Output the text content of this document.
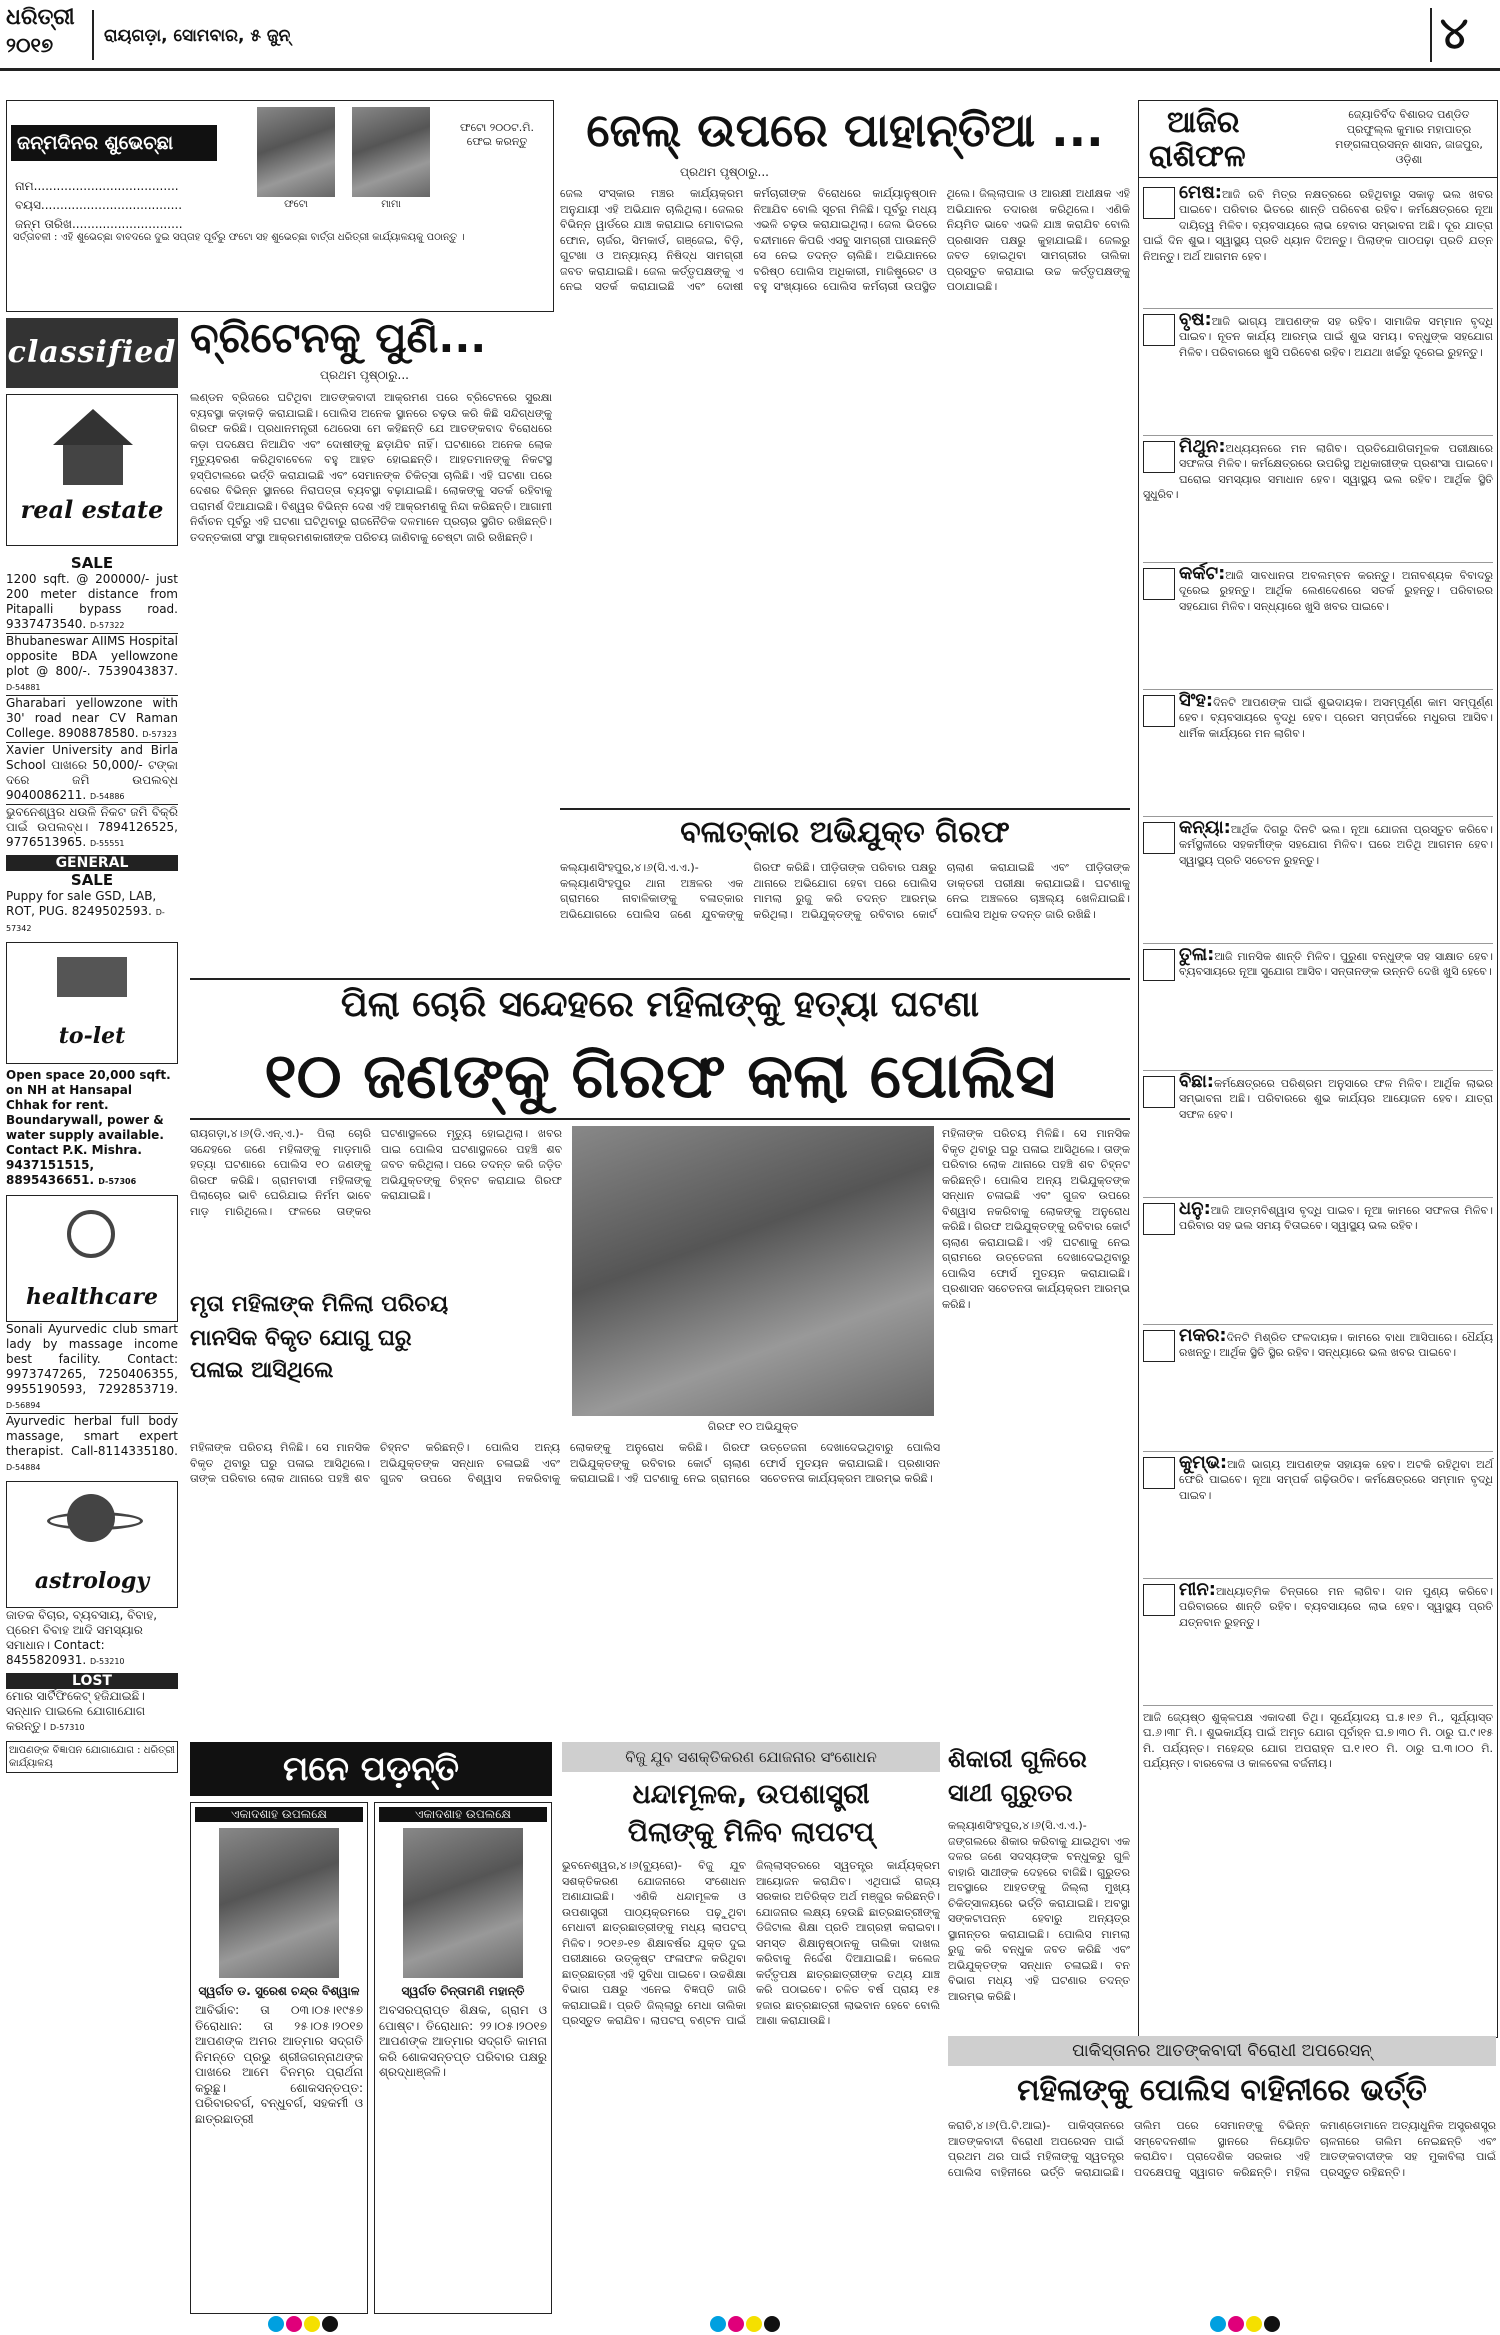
ଧରିତ୍ରୀ
୨୦୧୭	ରାୟଗଡ଼ା, ସୋମବାର, ୫ ଜୁନ୍	୪
ଜନ୍ମଦିନର ଶୁଭେଚ୍ଛା
ନାମ......................................
ବୟସ.....................................
ଜନ୍ମ ତାରିଖ.............................
ଫଟୋ	ମାମା
ଫଟୋ ୨୦୦ଟ.ମି. ଫେଇ କରନ୍ତୁ
ସର୍ତ୍ତାବଳୀ : ଏହି ଶୁଭେଚ୍ଛା ବାବଦରେ ଦୁଇ ସପ୍ତାହ ପୂର୍ବରୁ ଫଟୋ ସହ ଶୁଭେଚ୍ଛା ବାର୍ତ୍ତା ଧରିତ୍ରୀ କାର୍ଯ୍ୟାଳୟକୁ ପଠାନ୍ତୁ ।
classified
real estate
SALE
1200 sqft. @ 200000/- just 200 meter distance from Pitapalli bypass road. 9337473540. D-57322
Bhubaneswar AIIMS Hospital opposite BDA yellowzone plot @ 800/-. 7539043837. D-54881
Gharabari yellowzone with 30' road near CV Raman College. 8908878580. D-57323
Xavier University and Birla School ପାଖରେ 50,000/- ଟଙ୍କା ଦରେ ଜମି ଉପଲବ୍ଧ 9040086211. D-54886
ଭୁବନେଶ୍ୱର ଧଉଳି ନିକଟ ଜମି ବିକ୍ରି ପାଇଁ ଉପଲବ୍ଧ। 7894126525, 9776513965. D-55551
GENERAL
SALE
Puppy for sale GSD, LAB, ROT, PUG. 8249502593. D-57342
to-let
Open space 20,000 sqft. on NH at Hansapal Chhak for rent. Boundarywall, power & water supply available. Contact P.K. Mishra. 9437151515, 8895436651. D-57306
healthcare
Sonali Ayurvedic club smart lady by massage income best facility. Contact: 9973747265, 7250406355, 9955190593, 7292853719. D-56894
Ayurvedic herbal full body massage, smart expert therapist. Call-8114335180. D-54884
astrology
ଜାତକ ବିଚାର, ବ୍ୟବସାୟ, ବିବାହ, ପ୍ରେମ ବିବାହ ଆଦି ସମସ୍ୟାର ସମାଧାନ। Contact: 8455820931. D-53210
LOST
ମୋର ସାର୍ଟିଫିକେଟ୍ ହଜିଯାଇଛି। ସନ୍ଧାନ ପାଇଲେ ଯୋଗାଯୋଗ କରନ୍ତୁ। D-57310
ଆପଣଙ୍କ ବିଜ୍ଞାପନ ଯୋଗାଯୋଗ : ଧରିତ୍ରୀ କାର୍ଯ୍ୟାଳୟ
ବ୍ରିଟେନକୁ ପୁଣି...
ପ୍ରଥମ ପୃଷ୍ଠାରୁ...
ଲଣ୍ଡନ ବ୍ରିଜରେ ଘଟିଥିବା ଆତଙ୍କବାଦୀ ଆକ୍ରମଣ ପରେ ବ୍ରିଟେନରେ ସୁରକ୍ଷା ବ୍ୟବସ୍ଥା କଡ଼ାକଡ଼ି କରାଯାଇଛି। ପୋଲିସ ଅନେକ ସ୍ଥାନରେ ଚଢ଼ଉ କରି କିଛି ସନ୍ଦିଗ୍ଧଙ୍କୁ ଗିରଫ କରିଛି। ପ୍ରଧାନମନ୍ତ୍ରୀ ଥେରେସା ମେ କହିଛନ୍ତି ଯେ ଆତଙ୍କବାଦ ବିରୋଧରେ କଡ଼ା ପଦକ୍ଷେପ ନିଆଯିବ ଏବଂ ଦୋଷୀଙ୍କୁ ଛଡ଼ାଯିବ ନାହିଁ। ଘଟଣାରେ ଅନେକ ଲୋକ ମୃତ୍ୟୁବରଣ କରିଥିବାବେଳେ ବହୁ ଆହତ ହୋଇଛନ୍ତି। ଆହତମାନଙ୍କୁ ନିକଟସ୍ଥ ହସ୍ପିଟାଲରେ ଭର୍ତ୍ତି କରାଯାଇଛି ଏବଂ ସେମାନଙ୍କ ଚିକିତ୍ସା ଚାଲିଛି। ଏହି ଘଟଣା ପରେ ଦେଶର ବିଭିନ୍ନ ସ୍ଥାନରେ ନିରାପତ୍ତା ବ୍ୟବସ୍ଥା ବଢ଼ାଯାଇଛି। ଲୋକଙ୍କୁ ସତର୍କ ରହିବାକୁ ପରାମର୍ଶ ଦିଆଯାଇଛି। ବିଶ୍ୱର ବିଭିନ୍ନ ଦେଶ ଏହି ଆକ୍ରମଣକୁ ନିନ୍ଦା କରିଛନ୍ତି। ଆଗାମୀ ନିର୍ବାଚନ ପୂର୍ବରୁ ଏହି ଘଟଣା ଘଟିଥିବାରୁ ରାଜନୈତିକ ଦଳମାନେ ପ୍ରଚାର ସ୍ଥଗିତ ରଖିଛନ୍ତି। ତଦନ୍ତକାରୀ ସଂସ୍ଥା ଆକ୍ରମଣକାରୀଙ୍କ ପରିଚୟ ଜାଣିବାକୁ ଚେଷ୍ଟା ଜାରି ରଖିଛନ୍ତି।
ଜେଲ୍ ଉପରେ ପାହାନ୍ତିଆ ...
ପ୍ରଥମ ପୃଷ୍ଠାରୁ...
ଜେଲ ସଂସ୍କାର ମଞ୍ଚର କାର୍ଯ୍ୟକ୍ରମ ଅନୁଯାୟୀ ଏହି ଅଭିଯାନ ଚାଲିଥିଲା। ଜେଲର ବିଭିନ୍ନ ୱାର୍ଡରେ ଯାଞ୍ଚ କରାଯାଇ ମୋବାଇଲ ଫୋନ, ଚାର୍ଜର, ସିମକାର୍ଡ, ଗଞ୍ଜେଇ, ବିଡ଼ି, ଗୁଟଖା ଓ ଅନ୍ୟାନ୍ୟ ନିଷିଦ୍ଧ ସାମଗ୍ରୀ ଜବତ କରାଯାଇଛି। ଜେଲ କର୍ତ୍ତୃପକ୍ଷଙ୍କୁ ଏ ନେଇ ସତର୍କ କରାଯାଇଛି ଏବଂ ଦୋଷୀ କର୍ମଚାରୀଙ୍କ ବିରୋଧରେ କାର୍ଯ୍ୟାନୁଷ୍ଠାନ ନିଆଯିବ ବୋଲି ସୂଚନା ମିଳିଛି। ପୂର୍ବରୁ ମଧ୍ୟ ଏଭଳି ଚଢ଼ଉ କରାଯାଇଥିଲା। ଜେଲ ଭିତରେ ବନ୍ଦୀମାନେ କିପରି ଏସବୁ ସାମଗ୍ରୀ ପାଉଛନ୍ତି ସେ ନେଇ ତଦନ୍ତ ଚାଲିଛି। ଅଭିଯାନରେ ବରିଷ୍ଠ ପୋଲିସ ଅଧିକାରୀ, ମାଜିଷ୍ଟ୍ରେଟ ଓ ବହୁ ସଂଖ୍ୟାରେ ପୋଲିସ କର୍ମଚାରୀ ଉପସ୍ଥିତ ଥିଲେ। ଜିଲ୍ଲାପାଳ ଓ ଆରକ୍ଷୀ ଅଧୀକ୍ଷକ ଏହି ଅଭିଯାନର ତଦାରଖ କରିଥିଲେ। ଏଣିକି ନିୟମିତ ଭାବେ ଏଭଳି ଯାଞ୍ଚ କରାଯିବ ବୋଲି ପ୍ରଶାସନ ପକ୍ଷରୁ କୁହାଯାଇଛି। ଜେଲରୁ ଜବତ ହୋଇଥିବା ସାମଗ୍ରୀର ତାଲିକା ପ୍ରସ୍ତୁତ କରାଯାଇ ଉଚ୍ଚ କର୍ତ୍ତୃପକ୍ଷଙ୍କୁ ପଠାଯାଇଛି।
ବଳାତ୍କାର ଅଭିଯୁକ୍ତ ଗିରଫ
କଲ୍ୟାଣସିଂହପୁର,୪।୬(ସି.ଏ.ଏ.)- କଲ୍ୟାଣସିଂହପୁର ଥାନା ଅଞ୍ଚଳର ଏକ ଗ୍ରାମରେ ନାବାଳିକାଙ୍କୁ ବଳାତ୍କାର ଅଭିଯୋଗରେ ପୋଲିସ ଜଣେ ଯୁବକଙ୍କୁ ଗିରଫ କରିଛି। ପୀଡ଼ିତାଙ୍କ ପରିବାର ପକ୍ଷରୁ ଥାନାରେ ଅଭିଯୋଗ ହେବା ପରେ ପୋଲିସ ମାମଲା ରୁଜୁ କରି ତଦନ୍ତ ଆରମ୍ଭ କରିଥିଲା। ଅଭିଯୁକ୍ତଙ୍କୁ ରବିବାର କୋର୍ଟ ଚାଲାଣ କରାଯାଇଛି ଏବଂ ପୀଡ଼ିତାଙ୍କ ଡାକ୍ତରୀ ପରୀକ୍ଷା କରାଯାଇଛି। ଘଟଣାକୁ ନେଇ ଅଞ୍ଚଳରେ ଚାଞ୍ଚଲ୍ୟ ଖେଳିଯାଇଛି। ପୋଲିସ ଅଧିକ ତଦନ୍ତ ଜାରି ରଖିଛି।
ପିଲା ଚୋରି ସନ୍ଦେହରେ ମହିଳାଙ୍କୁ ହତ୍ୟା ଘଟଣା
୧୦ ଜଣଙ୍କୁ ଗିରଫ କଲା ପୋଲିସ
ରାୟଗଡ଼ା,୪।୬(ଡି.ଏନ୍.ଏ.)- ପିଲା ଚୋରି ସନ୍ଦେହରେ ଜଣେ ମହିଳାଙ୍କୁ ମାଡ଼ମାରି ହତ୍ୟା ଘଟଣାରେ ପୋଲିସ ୧୦ ଜଣଙ୍କୁ ଗିରଫ କରିଛି। ଗ୍ରାମବାସୀ ମହିଳାଙ୍କୁ ପିଲାଚୋର ଭାବି ଘେରିଯାଇ ନିର୍ମମ ଭାବେ ମାଡ଼ ମାରିଥିଲେ। ଫଳରେ ତାଙ୍କର ଘଟଣାସ୍ଥଳରେ ମୃତ୍ୟୁ ହୋଇଥିଲା। ଖବର ପାଇ ପୋଲିସ ଘଟଣାସ୍ଥଳରେ ପହଞ୍ଚି ଶବ ଜବତ କରିଥିଲା। ପରେ ତଦନ୍ତ କରି ଜଡ଼ିତ ଅଭିଯୁକ୍ତଙ୍କୁ ଚିହ୍ନଟ କରାଯାଇ ଗିରଫ କରାଯାଇଛି।
ଗିରଫ ୧୦ ଅଭିଯୁକ୍ତ
ମହିଳାଙ୍କ ପରିଚୟ ମିଳିଛି। ସେ ମାନସିକ ବିକୃତ ଥିବାରୁ ଘରୁ ପଳାଇ ଆସିଥିଲେ। ତାଙ୍କ ପରିବାର ଲୋକ ଥାନାରେ ପହଞ୍ଚି ଶବ ଚିହ୍ନଟ କରିଛନ୍ତି। ପୋଲିସ ଅନ୍ୟ ଅଭିଯୁକ୍ତଙ୍କ ସନ୍ଧାନ ଚଳାଇଛି ଏବଂ ଗୁଜବ ଉପରେ ବିଶ୍ୱାସ ନକରିବାକୁ ଲୋକଙ୍କୁ ଅନୁରୋଧ କରିଛି। ଗିରଫ ଅଭିଯୁକ୍ତଙ୍କୁ ରବିବାର କୋର୍ଟ ଚାଲାଣ କରାଯାଇଛି। ଏହି ଘଟଣାକୁ ନେଇ ଗ୍ରାମରେ ଉତ୍ତେଜନା ଦେଖାଦେଇଥିବାରୁ ପୋଲିସ ଫୋର୍ସ ମୁତୟନ କରାଯାଇଛି। ପ୍ରଶାସନ ସଚେତନତା କାର୍ଯ୍ୟକ୍ରମ ଆରମ୍ଭ କରିଛି।
ମୃତା ମହିଳାଙ୍କ ମିଳିଲା ପରିଚୟ
ମାନସିକ ବିକୃତ ଯୋଗୁ ଘରୁ
ପଳାଇ ଆସିଥିଲେ
ମହିଳାଙ୍କ ପରିଚୟ ମିଳିଛି। ସେ ମାନସିକ ବିକୃତ ଥିବାରୁ ଘରୁ ପଳାଇ ଆସିଥିଲେ। ତାଙ୍କ ପରିବାର ଲୋକ ଥାନାରେ ପହଞ୍ଚି ଶବ ଚିହ୍ନଟ କରିଛନ୍ତି। ପୋଲିସ ଅନ୍ୟ ଅଭିଯୁକ୍ତଙ୍କ ସନ୍ଧାନ ଚଳାଇଛି ଏବଂ ଗୁଜବ ଉପରେ ବିଶ୍ୱାସ ନକରିବାକୁ ଲୋକଙ୍କୁ ଅନୁରୋଧ କରିଛି। ଗିରଫ ଅଭିଯୁକ୍ତଙ୍କୁ ରବିବାର କୋର୍ଟ ଚାଲାଣ କରାଯାଇଛି। ଏହି ଘଟଣାକୁ ନେଇ ଗ୍ରାମରେ ଉତ୍ତେଜନା ଦେଖାଦେଇଥିବାରୁ ପୋଲିସ ଫୋର୍ସ ମୁତୟନ କରାଯାଇଛି। ପ୍ରଶାସନ ସଚେତନତା କାର୍ଯ୍ୟକ୍ରମ ଆରମ୍ଭ କରିଛି।
ମନେ ପଡ଼ନ୍ତି
ଏକାଦଶାହ ଉପଲକ୍ଷେ
ସ୍ୱର୍ଗତ ଡ. ସୁରେଶ ଚନ୍ଦ୍ର ବିଶ୍ୱାଳ
ଆବିର୍ଭାବ: ତା ୦୩।୦୫।୧୯୫୭ ତିରୋଧାନ: ତା ୨୫।୦୫।୨୦୧୭ ଆପଣଙ୍କ ଅମର ଆତ୍ମାର ସଦ୍ଗତି ନିମନ୍ତେ ପ୍ରଭୁ ଶ୍ରୀଜଗନ୍ନାଥଙ୍କ ପାଖରେ ଆମେ ବିନମ୍ର ପ୍ରାର୍ଥନା କରୁଛୁ। ଶୋକସନ୍ତପ୍ତ: ପରିବାରବର୍ଗ, ବନ୍ଧୁବର୍ଗ, ସହକର୍ମୀ ଓ ଛାତ୍ରଛାତ୍ରୀ
ଏକାଦଶାହ ଉପଲକ୍ଷେ
ସ୍ୱର୍ଗତ ଚିନ୍ତାମଣି ମହାନ୍ତି
ଅବସରପ୍ରାପ୍ତ ଶିକ୍ଷକ, ଗ୍ରାମ ଓ ପୋଷ୍ଟ। ତିରୋଧାନ: ୨୨।୦୫।୨୦୧୭ ଆପଣଙ୍କ ଆତ୍ମାର ସଦ୍ଗତି କାମନା କରି ଶୋକସନ୍ତପ୍ତ ପରିବାର ପକ୍ଷରୁ ଶ୍ରଦ୍ଧାଞ୍ଜଳି।
ବିଜୁ ଯୁବ ସଶକ୍ତିକରଣ ଯୋଜନାର ସଂଶୋଧନ
ଧନ୍ଦାମୂଳକ, ଉପଶାସ୍ତ୍ରୀ
ପିଲାଙ୍କୁ ମିଳିବ ଲାପଟପ୍
ଭୁବନେଶ୍ୱର,୪।୬(ବ୍ୟୁରୋ)- ବିଜୁ ଯୁବ ସଶକ୍ତିକରଣ ଯୋଜନାରେ ସଂଶୋଧନ ଅଣାଯାଇଛି। ଏଣିକି ଧନ୍ଦାମୂଳକ ଓ ଉପଶାସ୍ତ୍ରୀ ପାଠ୍ୟକ୍ରମରେ ପଢ଼ୁଥିବା ମେଧାବୀ ଛାତ୍ରଛାତ୍ରୀଙ୍କୁ ମଧ୍ୟ ଲାପଟପ୍ ମିଳିବ। ୨୦୧୬-୧୭ ଶିକ୍ଷାବର୍ଷର ଯୁକ୍ତ ଦୁଇ ପରୀକ୍ଷାରେ ଉତ୍କୃଷ୍ଟ ଫଳାଫଳ କରିଥିବା ଛାତ୍ରଛାତ୍ରୀ ଏହି ସୁବିଧା ପାଇବେ। ଉଚ୍ଚଶିକ୍ଷା ବିଭାଗ ପକ୍ଷରୁ ଏନେଇ ବିଜ୍ଞପ୍ତି ଜାରି କରାଯାଇଛି। ପ୍ରତି ଜିଲ୍ଲାରୁ ମେଧା ତାଲିକା ପ୍ରସ୍ତୁତ କରାଯିବ। ଲାପଟପ୍ ବଣ୍ଟନ ପାଇଁ ଜିଲ୍ଲାସ୍ତରରେ ସ୍ୱତନ୍ତ୍ର କାର୍ଯ୍ୟକ୍ରମ ଆୟୋଜନ କରାଯିବ। ଏଥିପାଇଁ ରାଜ୍ୟ ସରକାର ଅତିରିକ୍ତ ଅର୍ଥ ମଞ୍ଜୁର କରିଛନ୍ତି। ଯୋଜନାର ଲକ୍ଷ୍ୟ ହେଉଛି ଛାତ୍ରଛାତ୍ରୀଙ୍କୁ ଡିଜିଟାଲ ଶିକ୍ଷା ପ୍ରତି ଆଗ୍ରହୀ କରାଇବା। ସମସ୍ତ ଶିକ୍ଷାନୁଷ୍ଠାନକୁ ତାଲିକା ଦାଖଲ କରିବାକୁ ନିର୍ଦ୍ଦେଶ ଦିଆଯାଇଛି। କଲେଜ କର୍ତ୍ତୃପକ୍ଷ ଛାତ୍ରଛାତ୍ରୀଙ୍କ ତଥ୍ୟ ଯାଞ୍ଚ କରି ପଠାଇବେ। ଚଳିତ ବର୍ଷ ପ୍ରାୟ ୧୫ ହଜାର ଛାତ୍ରଛାତ୍ରୀ ଲାଭବାନ ହେବେ ବୋଲି ଆଶା କରାଯାଉଛି।
ଶିକାରୀ ଗୁଳିରେ
ସାଥୀ ଗୁରୁତର
କଲ୍ୟାଣସିଂହପୁର,୪।୬(ସି.ଏ.ଏ.)- ଜଙ୍ଗଲରେ ଶିକାର କରିବାକୁ ଯାଇଥିବା ଏକ ଦଳର ଜଣେ ସଦସ୍ୟଙ୍କ ବନ୍ଧୁକରୁ ଗୁଳି ବାହାରି ସାଥୀଙ୍କ ଦେହରେ ବାଜିଛି। ଗୁରୁତର ଅବସ୍ଥାରେ ଆହତଙ୍କୁ ଜିଲ୍ଲା ମୁଖ୍ୟ ଚିକିତ୍ସାଳୟରେ ଭର୍ତ୍ତି କରାଯାଇଛି। ଅବସ୍ଥା ସଙ୍କଟାପନ୍ନ ହେବାରୁ ଅନ୍ୟତ୍ର ସ୍ଥାନାନ୍ତର କରାଯାଇଛି। ପୋଲିସ ମାମଲା ରୁଜୁ କରି ବନ୍ଧୁକ ଜବତ କରିଛି ଏବଂ ଅଭିଯୁକ୍ତଙ୍କ ସନ୍ଧାନ ଚଳାଇଛି। ବନ ବିଭାଗ ମଧ୍ୟ ଏହି ଘଟଣାର ତଦନ୍ତ ଆରମ୍ଭ କରିଛି।
ଆଜିର
ରାଶିଫଳ
ଜ୍ୟୋତିର୍ବିଦ ବିଶାରଦ ପଣ୍ଡିତ ପ୍ରଫୁଲ୍ଲ କୁମାର ମହାପାତ୍ର ମଙ୍ଗଳାପ୍ରସନ୍ନ ଶାସନ, ଜାଜପୁର, ଓଡ଼ିଶା
ମେଷ:ଆଜି ରବି ମିତ୍ର ନକ୍ଷତ୍ରରେ ରହିଥିବାରୁ ସକାଳୁ ଭଲ ଖବର ପାଇବେ। ପରିବାର ଭିତରେ ଶାନ୍ତି ପରିବେଶ ରହିବ। କର୍ମକ୍ଷେତ୍ରରେ ନୂଆ ଦାୟିତ୍ୱ ମିଳିବ। ବ୍ୟବସାୟରେ ଲାଭ ହେବାର ସମ୍ଭାବନା ଅଛି। ଦୂର ଯାତ୍ରା ପାଇଁ ଦିନ ଶୁଭ। ସ୍ୱାସ୍ଥ୍ୟ ପ୍ରତି ଧ୍ୟାନ ଦିଅନ୍ତୁ। ପିଲାଙ୍କ ପାଠପଢ଼ା ପ୍ରତି ଯତ୍ନ ନିଅନ୍ତୁ। ଅର୍ଥ ଆଗମନ ହେବ।
ବୃଷ:ଆଜି ଭାଗ୍ୟ ଆପଣଙ୍କ ସହ ରହିବ। ସାମାଜିକ ସମ୍ମାନ ବୃଦ୍ଧି ପାଇବ। ନୂତନ କାର୍ଯ୍ୟ ଆରମ୍ଭ ପାଇଁ ଶୁଭ ସମୟ। ବନ୍ଧୁଙ୍କ ସହଯୋଗ ମିଳିବ। ପରିବାରରେ ଖୁସି ପରିବେଶ ରହିବ। ଅଯଥା ଖର୍ଚ୍ଚରୁ ଦୂରେଇ ରୁହନ୍ତୁ।
ମିଥୁନ:ଅଧ୍ୟୟନରେ ମନ ଲାଗିବ। ପ୍ରତିଯୋଗିତାମୂଳକ ପରୀକ୍ଷାରେ ସଫଳତା ମିଳିବ। କର୍ମକ୍ଷେତ୍ରରେ ଉପରିସ୍ଥ ଅଧିକାରୀଙ୍କ ପ୍ରଶଂସା ପାଇବେ। ଘରୋଇ ସମସ୍ୟାର ସମାଧାନ ହେବ। ସ୍ୱାସ୍ଥ୍ୟ ଭଲ ରହିବ। ଆର୍ଥିକ ସ୍ଥିତି ସୁଧୁରିବ।
କର୍କଟ:ଆଜି ସାବଧାନତା ଅବଲମ୍ବନ କରନ୍ତୁ। ଅନାବଶ୍ୟକ ବିବାଦରୁ ଦୂରେଇ ରୁହନ୍ତୁ। ଆର୍ଥିକ ଲେଣଦେଣରେ ସତର୍କ ରୁହନ୍ତୁ। ପରିବାରର ସହଯୋଗ ମିଳିବ। ସନ୍ଧ୍ୟାରେ ଖୁସି ଖବର ପାଇବେ।
ସିଂହ:ଦିନଟି ଆପଣଙ୍କ ପାଇଁ ଶୁଭଦାୟକ। ଅସମ୍ପୂର୍ଣ୍ଣ କାମ ସମ୍ପୂର୍ଣ୍ଣ ହେବ। ବ୍ୟବସାୟରେ ବୃଦ୍ଧି ହେବ। ପ୍ରେମ ସମ୍ପର୍କରେ ମଧୁରତା ଆସିବ। ଧାର୍ମିକ କାର୍ଯ୍ୟରେ ମନ ଲାଗିବ।
କନ୍ୟା:ଆର୍ଥିକ ଦିଗରୁ ଦିନଟି ଭଲ। ନୂଆ ଯୋଜନା ପ୍ରସ୍ତୁତ କରିବେ। କର୍ମସ୍ଥଳୀରେ ସହକର୍ମୀଙ୍କ ସହଯୋଗ ମିଳିବ। ଘରେ ଅତିଥି ଆଗମନ ହେବ। ସ୍ୱାସ୍ଥ୍ୟ ପ୍ରତି ସଚେତନ ରୁହନ୍ତୁ।
ତୁଳା:ଆଜି ମାନସିକ ଶାନ୍ତି ମିଳିବ। ପୁରୁଣା ବନ୍ଧୁଙ୍କ ସହ ସାକ୍ଷାତ ହେବ। ବ୍ୟବସାୟରେ ନୂଆ ସୁଯୋଗ ଆସିବ। ସନ୍ତାନଙ୍କ ଉନ୍ନତି ଦେଖି ଖୁସି ହେବେ।
ବିଛା:କର୍ମକ୍ଷେତ୍ରରେ ପରିଶ୍ରମ ଅନୁସାରେ ଫଳ ମିଳିବ। ଆର୍ଥିକ ଲାଭର ସମ୍ଭାବନା ଅଛି। ପରିବାରରେ ଶୁଭ କାର୍ଯ୍ୟର ଆୟୋଜନ ହେବ। ଯାତ୍ରା ସଫଳ ହେବ।
ଧନୁ:ଆଜି ଆତ୍ମବିଶ୍ୱାସ ବୃଦ୍ଧି ପାଇବ। ନୂଆ କାମରେ ସଫଳତା ମିଳିବ। ପରିବାର ସହ ଭଲ ସମୟ ବିତାଇବେ। ସ୍ୱାସ୍ଥ୍ୟ ଭଲ ରହିବ।
ମକର:ଦିନଟି ମିଶ୍ରିତ ଫଳଦାୟକ। କାମରେ ବାଧା ଆସିପାରେ। ଧୈର୍ଯ୍ୟ ରଖନ୍ତୁ। ଆର୍ଥିକ ସ୍ଥିତି ସ୍ଥିର ରହିବ। ସନ୍ଧ୍ୟାରେ ଭଲ ଖବର ପାଇବେ।
କୁମ୍ଭ:ଆଜି ଭାଗ୍ୟ ଆପଣଙ୍କ ସହାୟକ ହେବ। ଅଟକି ରହିଥିବା ଅର୍ଥ ଫେରି ପାଇବେ। ନୂଆ ସମ୍ପର୍କ ଗଢ଼ିଉଠିବ। କର୍ମକ୍ଷେତ୍ରରେ ସମ୍ମାନ ବୃଦ୍ଧି ପାଇବ।
ମୀନ:ଆଧ୍ୟାତ୍ମିକ ଚିନ୍ତାରେ ମନ ଲାଗିବ। ଦାନ ପୁଣ୍ୟ କରିବେ। ପରିବାରରେ ଶାନ୍ତି ରହିବ। ବ୍ୟବସାୟରେ ଲାଭ ହେବ। ସ୍ୱାସ୍ଥ୍ୟ ପ୍ରତି ଯତ୍ନବାନ ରୁହନ୍ତୁ।
ଆଜି ଜ୍ୟେଷ୍ଠ ଶୁକ୍ଳପକ୍ଷ ଏକାଦଶୀ ତିଥି। ସୂର୍ଯ୍ୟୋଦୟ ଘ.୫।୧୬ ମି., ସୂର୍ଯ୍ୟାସ୍ତ ଘ.୬।୩୮ ମି.। ଶୁଭକାର୍ଯ୍ୟ ପାଇଁ ଅମୃତ ଯୋଗ ପୂର୍ବାହ୍ନ ଘ.୭।୩୦ ମି. ଠାରୁ ଘ.୯।୧୫ ମି. ପର୍ଯ୍ୟନ୍ତ। ମହେନ୍ଦ୍ର ଯୋଗ ଅପରାହ୍ନ ଘ.୧।୧୦ ମି. ଠାରୁ ଘ.୩।୦୦ ମି. ପର୍ଯ୍ୟନ୍ତ। ବାରବେଳା ଓ କାଳବେଳା ବର୍ଜନୀୟ।
ପାକିସ୍ତାନର ଆତଙ୍କବାଦୀ ବିରୋଧୀ ଅପରେସନ୍
ମହିଳାଙ୍କୁ ପୋଲିସ ବାହିନୀରେ ଭର୍ତ୍ତି
କରାଚି,୪।୬(ପି.ଟି.ଆଇ)- ପାକିସ୍ତାନରେ ଆତଙ୍କବାଦୀ ବିରୋଧୀ ଅପରେସନ ପାଇଁ ପ୍ରଥମ ଥର ପାଇଁ ମହିଳାଙ୍କୁ ସ୍ୱତନ୍ତ୍ର ପୋଲିସ ବାହିନୀରେ ଭର୍ତ୍ତି କରାଯାଇଛି। ତାଲିମ ପରେ ସେମାନଙ୍କୁ ବିଭିନ୍ନ ସମ୍ବେଦନଶୀଳ ସ୍ଥାନରେ ନିୟୋଜିତ କରାଯିବ। ପ୍ରାଦେଶିକ ସରକାର ଏହି ପଦକ୍ଷେପକୁ ସ୍ୱାଗତ କରିଛନ୍ତି। ମହିଳା କମାଣ୍ଡୋମାନେ ଅତ୍ୟାଧୁନିକ ଅସ୍ତ୍ରଶସ୍ତ୍ର ଚାଳନାରେ ତାଲିମ ନେଇଛନ୍ତି ଏବଂ ଆତଙ୍କବାଦୀଙ୍କ ସହ ମୁକାବିଲା ପାଇଁ ପ୍ରସ୍ତୁତ ରହିଛନ୍ତି।
